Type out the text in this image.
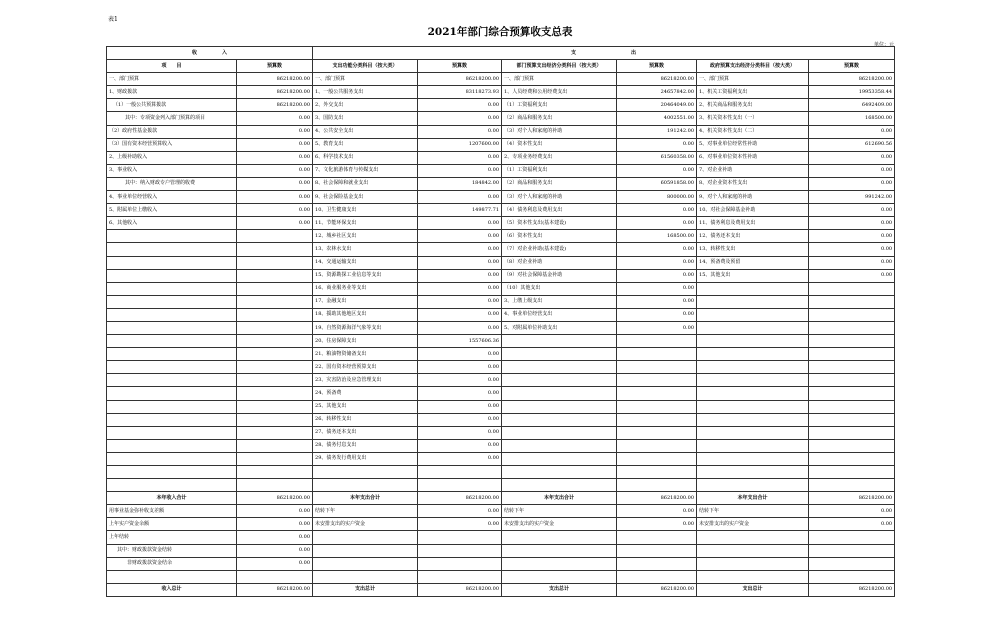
表1
2021年部门综合预算收支总表
单位：元
收　　　　　入		支　　　　　　　　　　　出					
项　　目	预算数	支出功能分类科目（按大类）	预算数	部门预算支出经济分类科目（按大类）	预算数	政府预算支出经济分类科目（按大类）	预算数
一、部门预算	86218200.00	一、部门预算	86218200.00	一、部门预算	86218200.00	一、部门预算	86218200.00
1、财政拨款	86218200.00	1、一般公共服务支出	83118273.93	1、人员经费和公用经费支出	24657842.00	1、机关工资福利支出	19953358.44
（1）一般公共预算拨款	86218200.00	2、外交支出	0.00	（1）工资福利支出	20464049.00	2、机关商品和服务支出	6492409.00
其中：专项资金列入部门预算的项目	0.00	3、国防支出	0.00	（2）商品和服务支出	4002551.00	3、机关资本性支出（一）	168500.00
（2）政府性基金拨款	0.00	4、公共安全支出	0.00	（3）对个人和家庭的补助	191242.00	4、机关资本性支出（二）	0.00
（3）国有资本经营预算收入	0.00	5、教育支出	1207600.00	（4）资本性支出	0.00	5、对事业单位经常性补助	612690.56
2、上级补助收入	0.00	6、科学技术支出	0.00	2、专项业务经费支出	61560358.00	6、对事业单位资本性补助	0.00
3、事业收入	0.00	7、文化旅游体育与传媒支出	0.00	（1）工资福利支出	0.00	7、对企业补助	0.00
其中：纳入财政专户管理的收费	0.00	8、社会保障和就业支出	184842.00	（2）商品和服务支出	60591858.00	8、对企业资本性支出	0.00
4、事业单位经营收入	0.00	9、社会保险基金支出	0.00	（3）对个人和家庭的补助	800000.00	9、对个人和家庭的补助	991242.00
5、附属单位上缴收入	0.00	10、卫生健康支出	149877.71	（4）债务利息及费用支出	0.00	10、对社会保障基金补助	0.00
6、其他收入	0.00	11、节能环保支出	0.00	（5）资本性支出(基本建设)	0.00	11、债务利息及费用支出	0.00
		12、城乡社区支出	0.00	（6）资本性支出	168500.00	12、债务还本支出	0.00
		13、农林水支出	0.00	（7）对企业补助(基本建设)	0.00	13、转移性支出	0.00
		14、交通运输支出	0.00	（8）对企业补助	0.00	14、预备费及预留	0.00
		15、资源勘探工业信息等支出	0.00	（9）对社会保障基金补助	0.00	15、其他支出	0.00
		16、商业服务业等支出	0.00	（10）其他支出	0.00		
		17、金融支出	0.00	3、上缴上级支出	0.00		
		18、援助其他地区支出	0.00	4、事业单位经营支出	0.00		
		19、自然资源海洋气象等支出	0.00	5、对附属单位补助支出	0.00		
		20、住房保障支出	1557606.36				
		21、粮油物资储备支出	0.00				
		22、国有资本经营预算支出	0.00				
		23、灾害防治及应急管理支出	0.00				
		24、预备费	0.00				
		25、其他支出	0.00				
		26、转移性支出	0.00				
		27、债务还本支出	0.00				
		28、债务付息支出	0.00				
		29、债务发行费用支出	0.00				

本年收入合计	86218200.00	本年支出合计	86218200.00	本年支出合计	86218200.00	本年支出合计	86218200.00
用事业基金弥补收支差额	0.00	结转下年	0.00	结转下年	0.00	结转下年	0.00
上年实户资金余额	0.00	未安排支出的实户资金	0.00	未安排支出的实户资金	0.00	未安排支出的实户资金	0.00
上年结转	0.00						
其中：财政拨款资金结转	0.00						
非财政拨款资金结余	0.00						

收入总计	86218200.00	支出总计	86218200.00	支出总计	86218200.00	支出总计	86218200.00
